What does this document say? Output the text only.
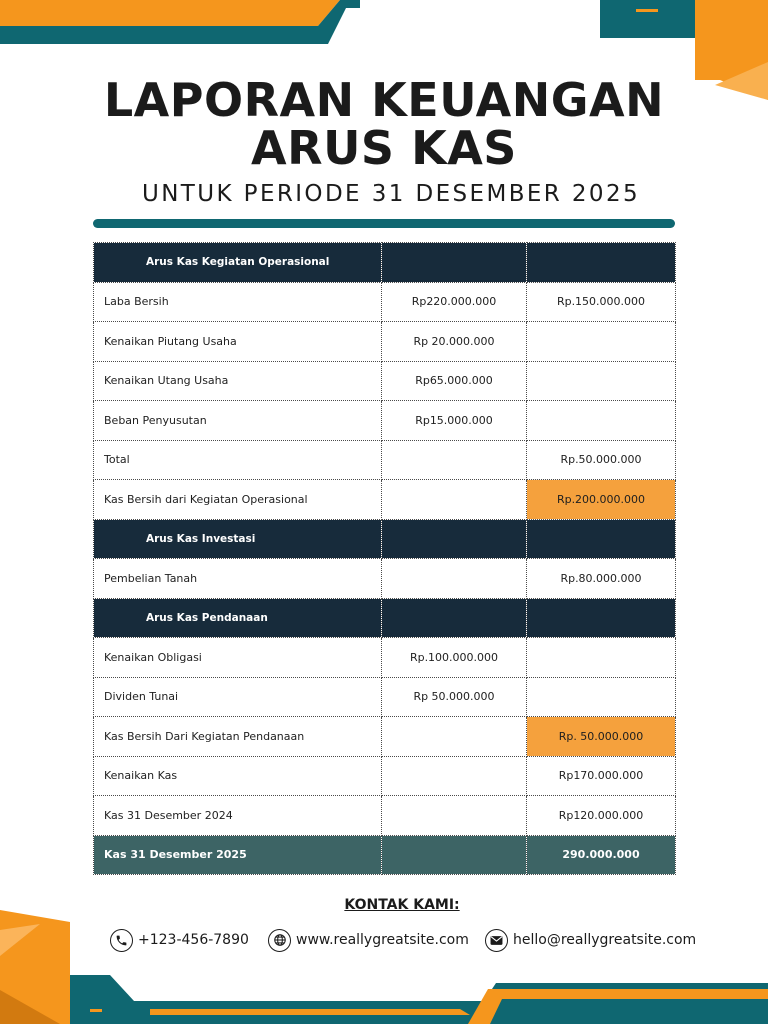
LAPORAN KEUANGAN
ARUS KAS
UNTUK PERIODE 31 DESEMBER 2025
Arus Kas Kegiatan Operasional		
Laba Bersih	Rp220.000.000	Rp.150.000.000
Kenaikan Piutang Usaha	Rp 20.000.000	
Kenaikan Utang Usaha	Rp65.000.000	
Beban Penyusutan	Rp15.000.000	
Total		Rp.50.000.000
Kas Bersih dari Kegiatan Operasional		Rp.200.000.000
Arus Kas Investasi		
Pembelian Tanah		Rp.80.000.000
Arus Kas Pendanaan		
Kenaikan Obligasi	Rp.100.000.000	
Dividen Tunai	Rp 50.000.000	
Kas Bersih Dari Kegiatan Pendanaan		Rp. 50.000.000
Kenaikan Kas		Rp170.000.000
Kas 31 Desember 2024		Rp120.000.000
Kas 31 Desember 2025		290.000.000
KONTAK KAMI:
+123-456-7890	www.reallygreatsite.com	hello@reallygreatsite.com
